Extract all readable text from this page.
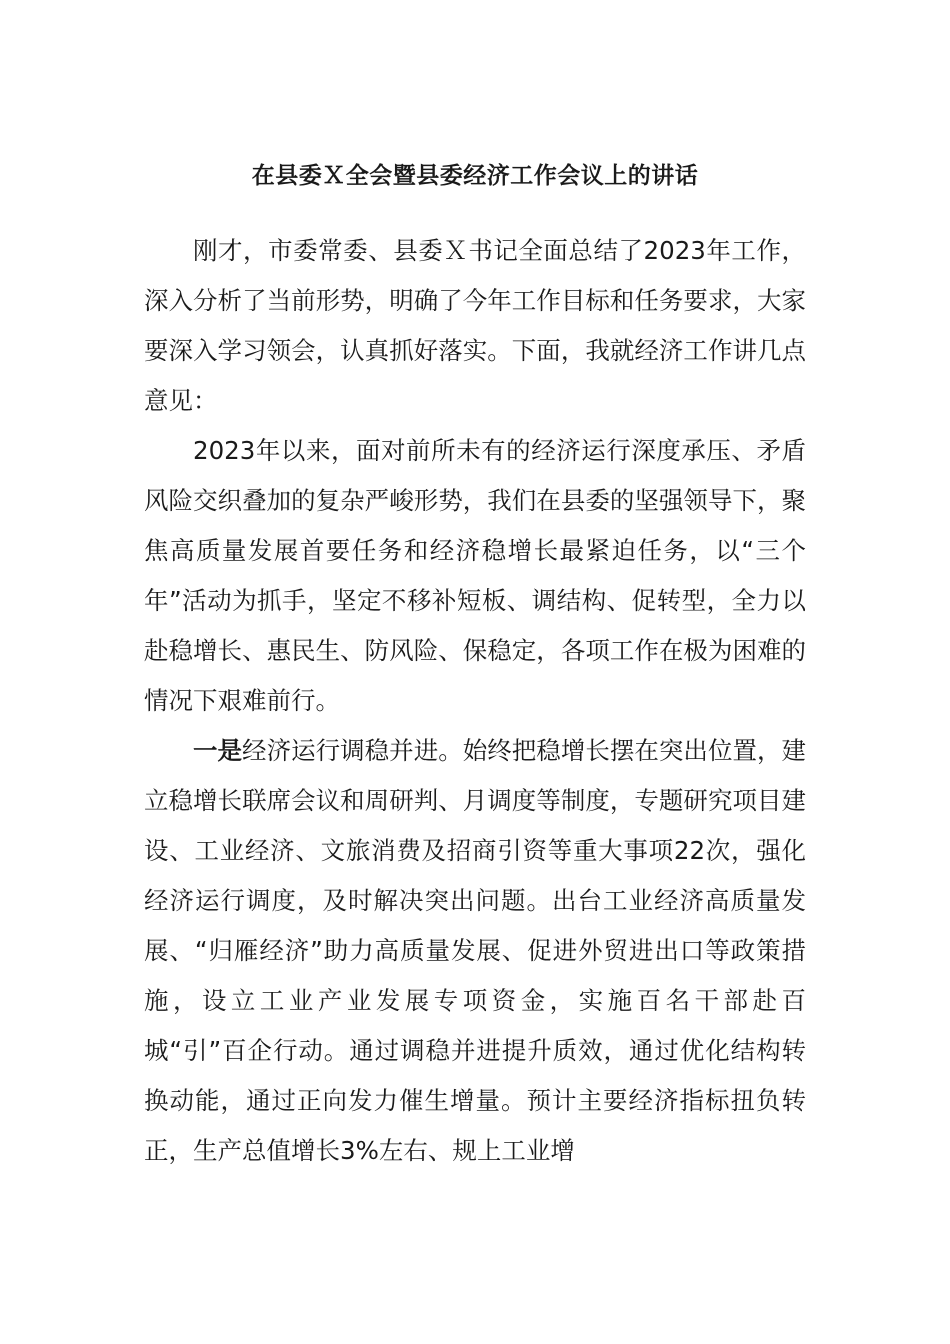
在县委Ｘ全会暨县委经济工作会议上的讲话

刚才，市委常委、县委Ｘ书记全面总结了2023年工作，深入分析了当前形势，明确了今年工作目标和任务要求，大家要深入学习领会，认真抓好落实。下面，我就经济工作讲几点意见：

2023年以来，面对前所未有的经济运行深度承压、矛盾风险交织叠加的复杂严峻形势，我们在县委的坚强领导下，聚焦高质量发展首要任务和经济稳增长最紧迫任务，以“三个年”活动为抓手，坚定不移补短板、调结构、促转型，全力以赴稳增长、惠民生、防风险、保稳定，各项工作在极为困难的情况下艰难前行。

一是经济运行调稳并进。始终把稳增长摆在突出位置，建立稳增长联席会议和周研判、月调度等制度，专题研究项目建设、工业经济、文旅消费及招商引资等重大事项22次，强化经济运行调度，及时解决突出问题。出台工业经济高质量发展、“归雁经济”助力高质量发展、促进外贸进出口等政策措施，设立工业产业发展专项资金，实施百名干部赴百城“引”百企行动。通过调稳并进提升质效，通过优化结构转换动能，通过正向发力催生增量。预计主要经济指标扭负转正，生产总值增长3%左右、规上工业增
